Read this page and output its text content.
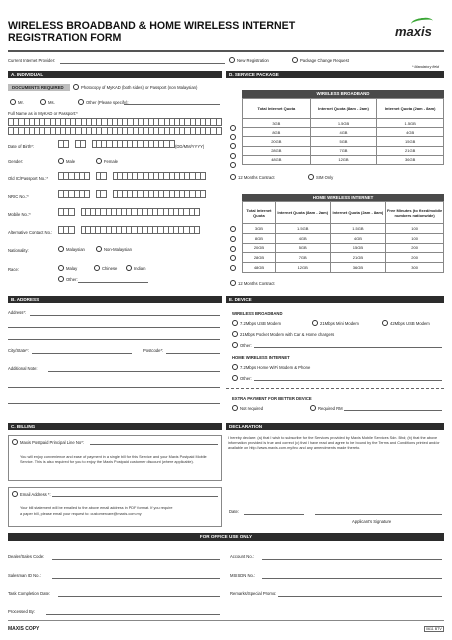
WIRELESS BROADBAND & HOME WIRELESS INTERNET
REGISTRATION FORM	maxis
Current Internet Provider:	New Registration	Package Change Request
* Mandatory field
A. INDIVIDUAL	D. SERVICE PACKAGE
DOCUMENTS REQUIRED	Photocopy of MyKAD (both sides) or Passport (non Malaysian)
Mr.	Ms.	Other (Please specify):
Full Name as in MyKAD or Passport:*
Date of Birth*:	(DD/MM/YYYY)
Gender:	Male	Female
Old IC/Passport No.:*
NRIC No.:*
Mobile No.:*
Alternative Contact No.:
Nationality:	Malaysian	Non-Malaysian
Race:	Malay	Chinese	Indian
Other:
WIRELESS BROADBAND
Total Internet Quota	Internet Quota (8am - 2am)	Internet Quota (2am - 8am)
3GB	1.5GB	1.5GB
8GB	4GB	4GB
20GB	5GB	15GB
28GB	7GB	21GB
48GB	12GB	36GB
12 Months Contract	SIM Only
HOME WIRELESS INTERNET
Total Internet Quota	Internet Quota (8am - 2am)	Internet Quota (2am - 8am)	Free Minutes (to fixed/mobile numbers nationwide)
3GB	1.5GB	1.5GB	100
8GB	4GB	4GB	100
20GB	5GB	15GB	200
28GB	7GB	21GB	200
48GB	12GB	36GB	300
12 Months Contract
B. ADDRESS	E. DEVICE
Address*:
City/State*:	Postcode*:
Additional Note:
WIRELESS BROADBAND
7.2Mbps USB Modem	21Mbps Mini Modem	42Mbps USB Modem
21Mbps Pocket Modem with Car & Home chargers
Other:
HOME WIRELESS INTERNET
7.2Mbps Home WiFi Modem & Phone
Other:
EXTRA PAYMENT FOR BETTER DEVICE
Not required	Required RM
C. BILLING	DECLARATION
Maxis Postpaid Principal Line No*:
You will enjoy convenience and ease of payment in a single bill for this Service and your Maxis Postpaid Mobile Service. This is also required for you to enjoy the Maxis Postpaid customer discount (where applicable).
Email Address *:
Your bill statement will be emailed to the above email address in PDF format. If you require
a paper bill, please email your request to: customercare@maxis.com.my
I hereby declare: (a) that I wish to subscribe for the Services provided by Maxis Mobile Services Sdn. Bhd; (b) that the above information provided is true and correct (c) that I have read and agree to be bound by the Terms and Conditions printed and/or available on http://www.maxis.com.my/tnc and any amendments made thereto.
Date:
Applicant's Signature
FOR OFFICE USE ONLY
Dealer/Sales Code:
Salesman ID No.:
Task Completion Date:
Processed By:
Account No.:
MSISDN No.:
Remarks/Special Promo:
MAXIS COPY	0611 BTV
